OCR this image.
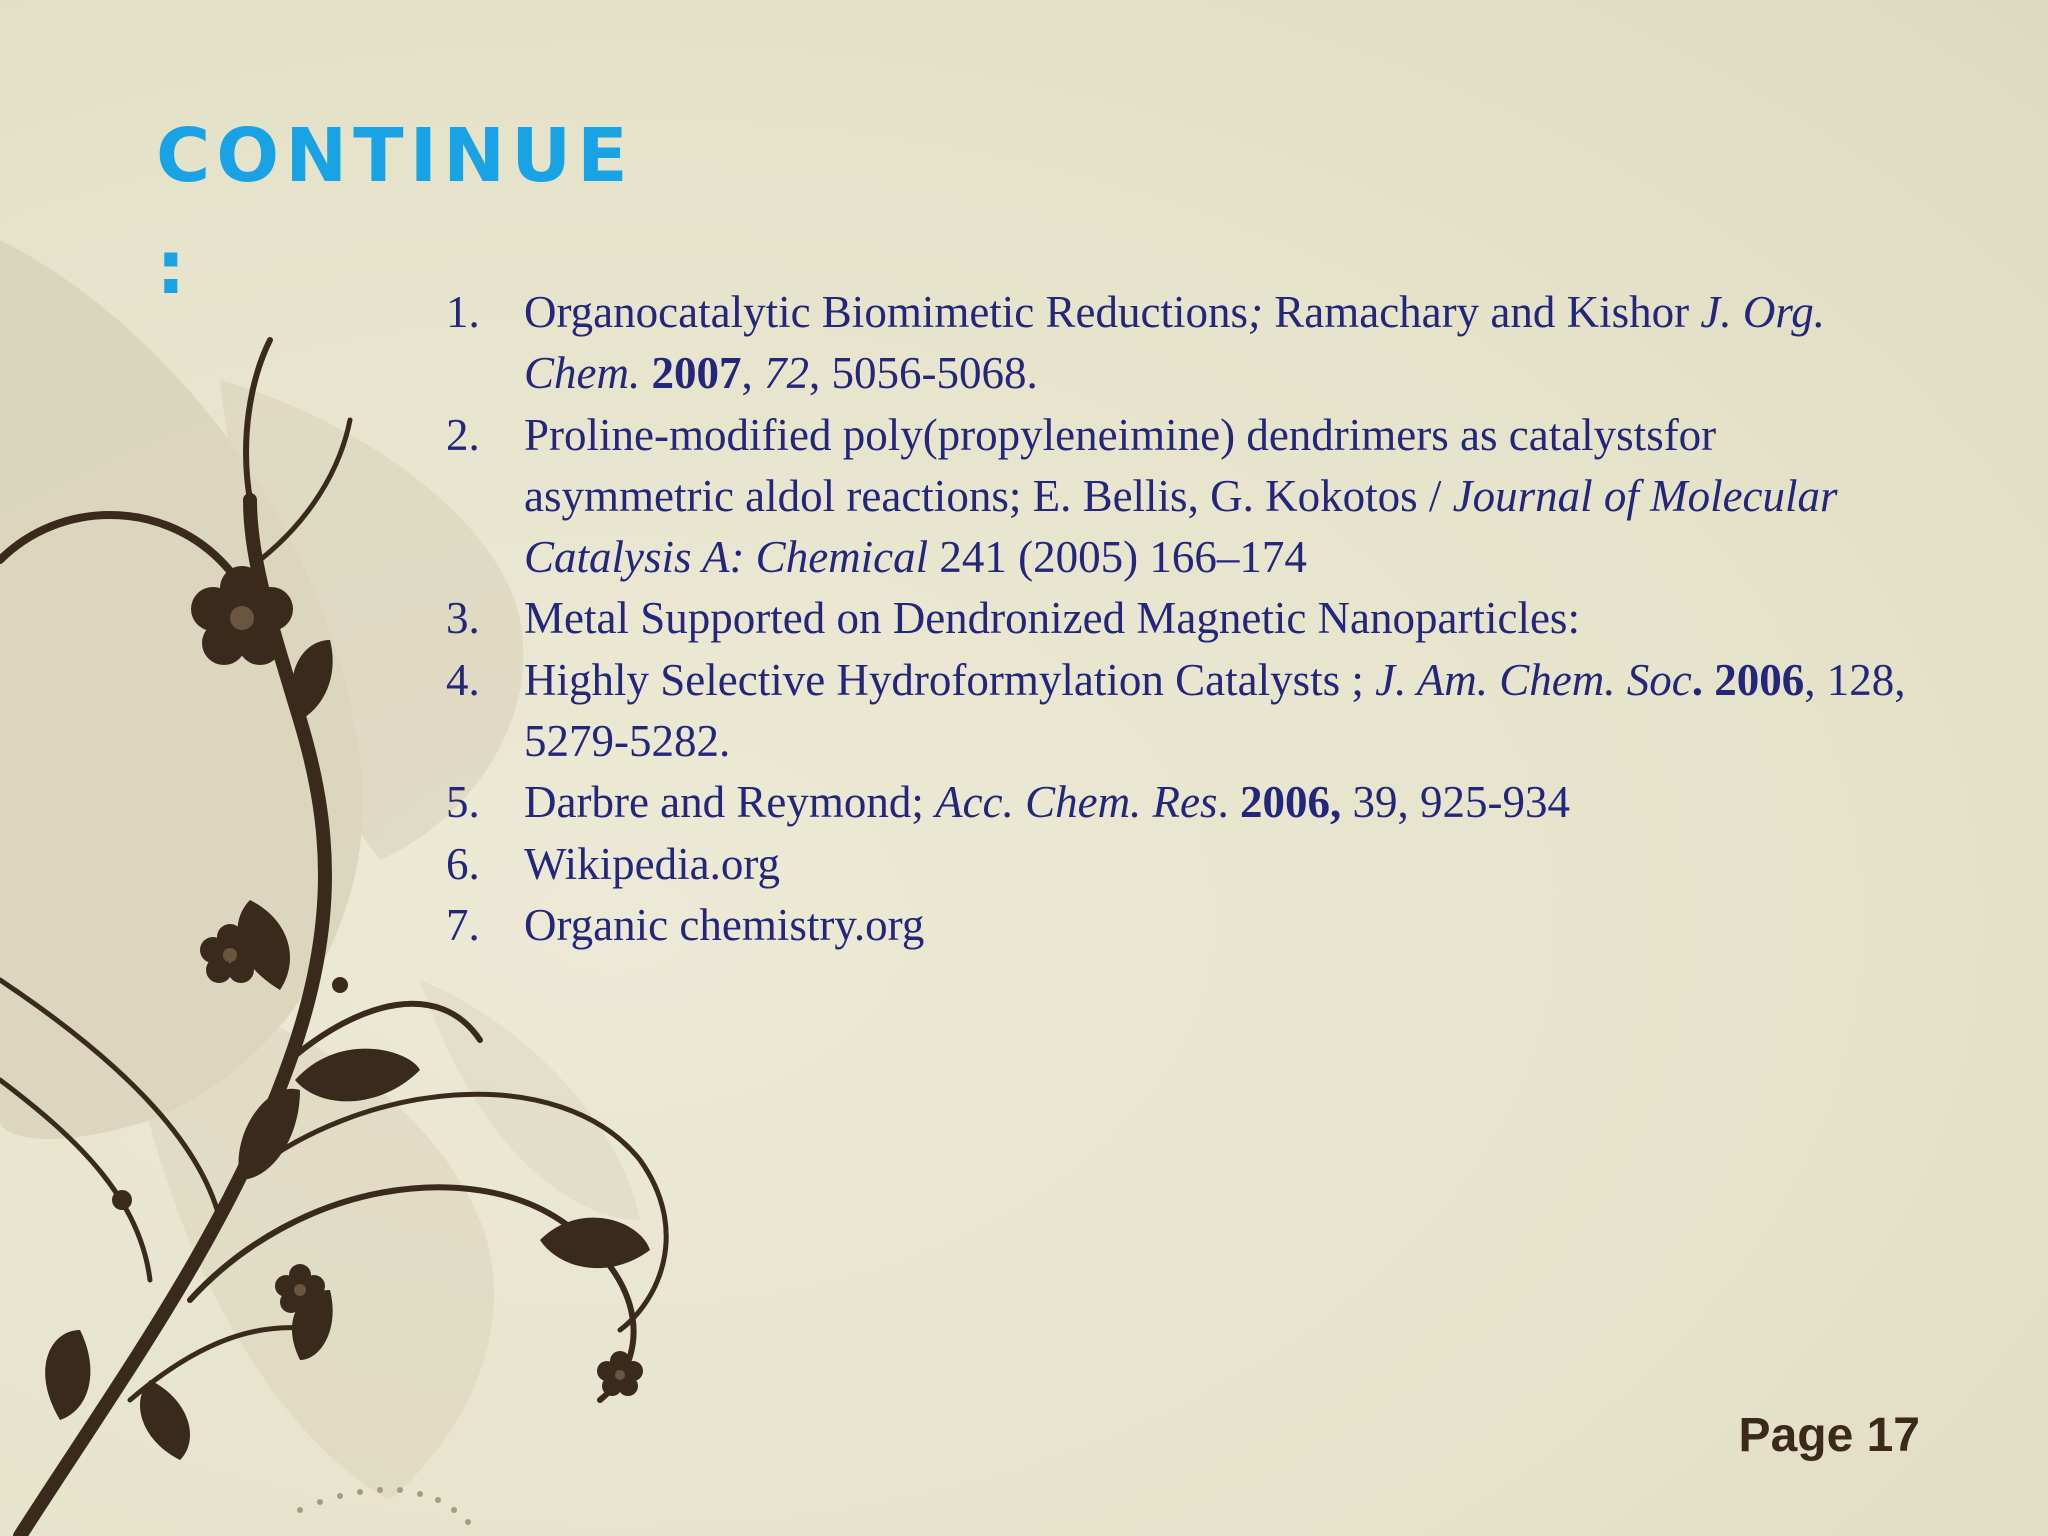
CONTINUE
:
1. Organocatalytic Biomimetic Reductions; Ramachary and Kishor J. Org. Chem. 2007, 72, 5056-5068.
2. Proline-modified poly(propyleneimine) dendrimers as catalystsfor asymmetric aldol reactions; E. Bellis, G. Kokotos / Journal of Molecular Catalysis A: Chemical 241 (2005) 166–174
3. Metal Supported on Dendronized Magnetic Nanoparticles:
4. Highly Selective Hydroformylation Catalysts ; J. Am. Chem. Soc. 2006, 128, 5279-5282.
5. Darbre and Reymond; Acc. Chem. Res. 2006, 39, 925-934
6. Wikipedia.org
7. Organic chemistry.org
Page 17
